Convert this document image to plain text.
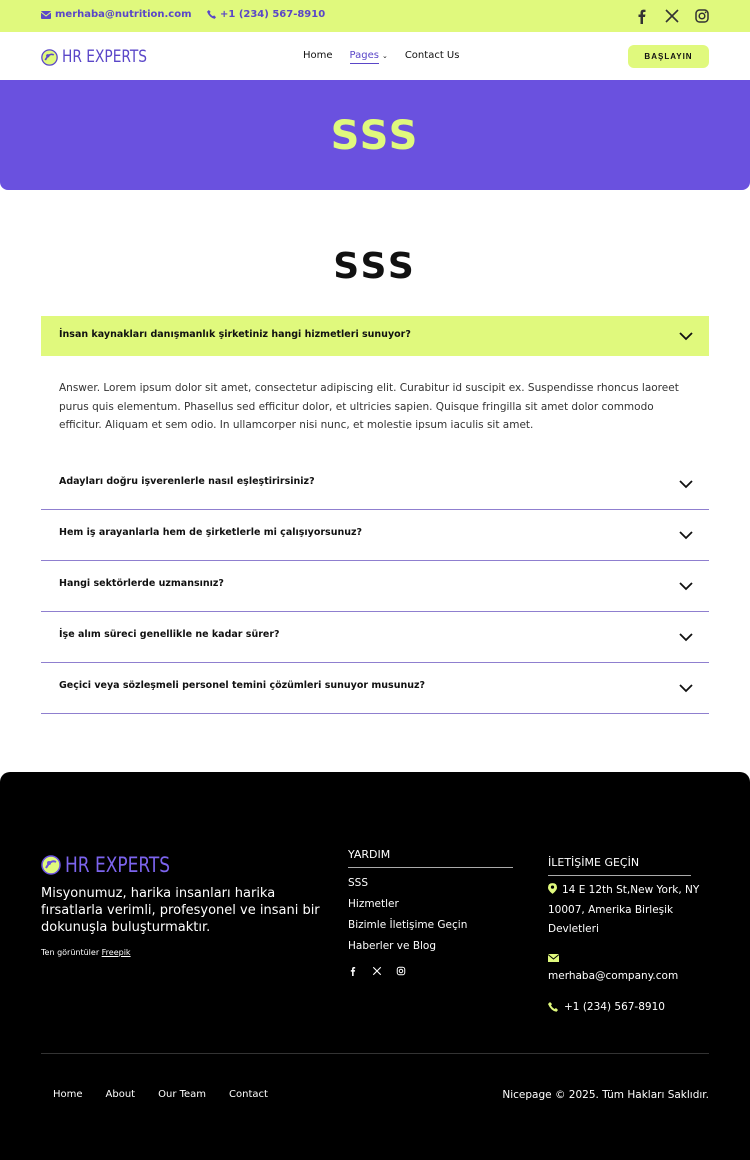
merhaba@nutrition.com	+1 (234) 567-8910
HR EXPERTS	Home Pages ⌄ Contact Us	BAŞLAYIN
SSS
SSS
İnsan kaynakları danışmanlık şirketiniz hangi hizmetleri sunuyor?

Answer. Lorem ipsum dolor sit amet, consectetur adipiscing elit. Curabitur id suscipit ex. Suspendisse rhoncus laoreet purus quis elementum. Phasellus sed efficitur dolor, et ultricies sapien. Quisque fringilla sit amet dolor commodo efficitur. Aliquam et sem odio. In ullamcorper nisi nunc, et molestie ipsum iaculis sit amet.

Adayları doğru işverenlerle nasıl eşleştirirsiniz?
Hem iş arayanlarla hem de şirketlerle mi çalışıyorsunuz?
Hangi sektörlerde uzmansınız?
İşe alım süreci genellikle ne kadar sürer?
Geçici veya sözleşmeli personel temini çözümleri sunuyor musunuz?
HR EXPERTS

Misyonumuz, harika insanları harika fırsatlarla verimli, profesyonel ve insani bir dokunuşla buluşturmaktır.

Ten görüntüler Freepik
YARDIM
SSS
Hizmetler
Bizimle İletişime Geçin
Haberler ve Blog
İLETİŞİME GEÇİN
14 E 12th St,New York, NY 10007, Amerika Birleşik Devletleri
merhaba@company.com
+1 (234) 567-8910
Home About Our Team Contact	Nicepage © 2025. Tüm Hakları Saklıdır.
